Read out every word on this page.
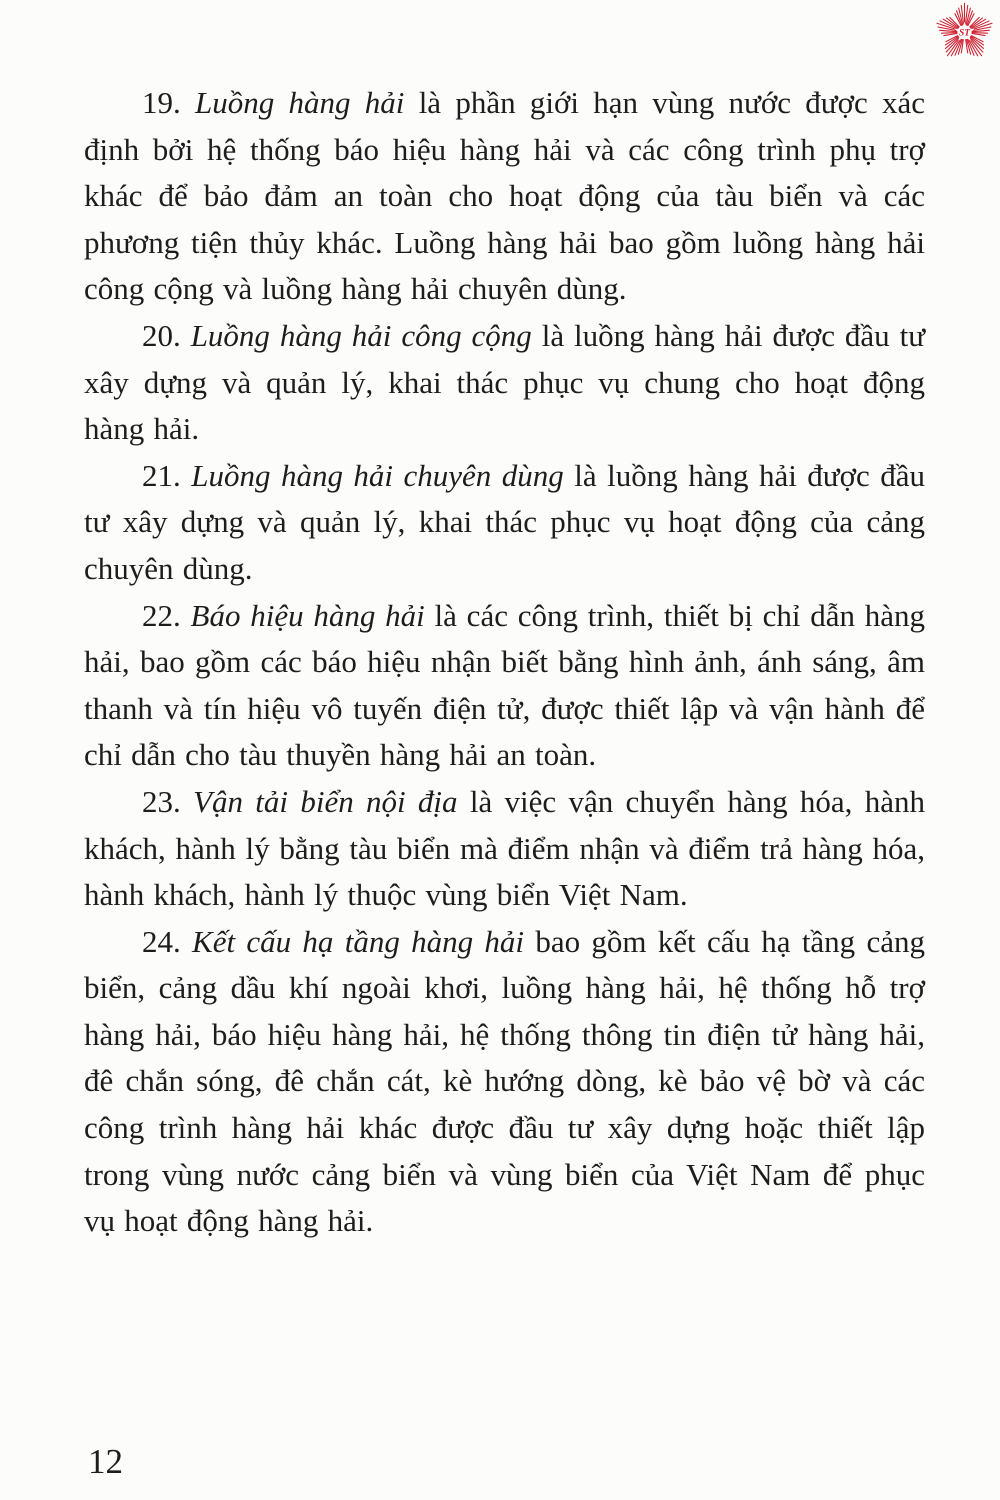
ST

19. Luồng hàng hải là phần giới hạn vùng nước được xác định bởi hệ thống báo hiệu hàng hải và các công trình phụ trợ khác để bảo đảm an toàn cho hoạt động của tàu biển và các phương tiện thủy khác. Luồng hàng hải bao gồm luồng hàng hải công cộng và luồng hàng hải chuyên dùng.

20. Luồng hàng hải công cộng là luồng hàng hải được đầu tư xây dựng và quản lý, khai thác phục vụ chung cho hoạt động hàng hải.

21. Luồng hàng hải chuyên dùng là luồng hàng hải được đầu tư xây dựng và quản lý, khai thác phục vụ hoạt động của cảng chuyên dùng.

22. Báo hiệu hàng hải là các công trình, thiết bị chỉ dẫn hàng hải, bao gồm các báo hiệu nhận biết bằng hình ảnh, ánh sáng, âm thanh và tín hiệu vô tuyến điện tử, được thiết lập và vận hành để chỉ dẫn cho tàu thuyền hàng hải an toàn.

23. Vận tải biển nội địa là việc vận chuyển hàng hóa, hành khách, hành lý bằng tàu biển mà điểm nhận và điểm trả hàng hóa, hành khách, hành lý thuộc vùng biển Việt Nam.

24. Kết cấu hạ tầng hàng hải bao gồm kết cấu hạ tầng cảng biển, cảng dầu khí ngoài khơi, luồng hàng hải, hệ thống hỗ trợ hàng hải, báo hiệu hàng hải, hệ thống thông tin điện tử hàng hải, đê chắn sóng, đê chắn cát, kè hướng dòng, kè bảo vệ bờ và các công trình hàng hải khác được đầu tư xây dựng hoặc thiết lập trong vùng nước cảng biển và vùng biển của Việt Nam để phục vụ hoạt động hàng hải.

12
